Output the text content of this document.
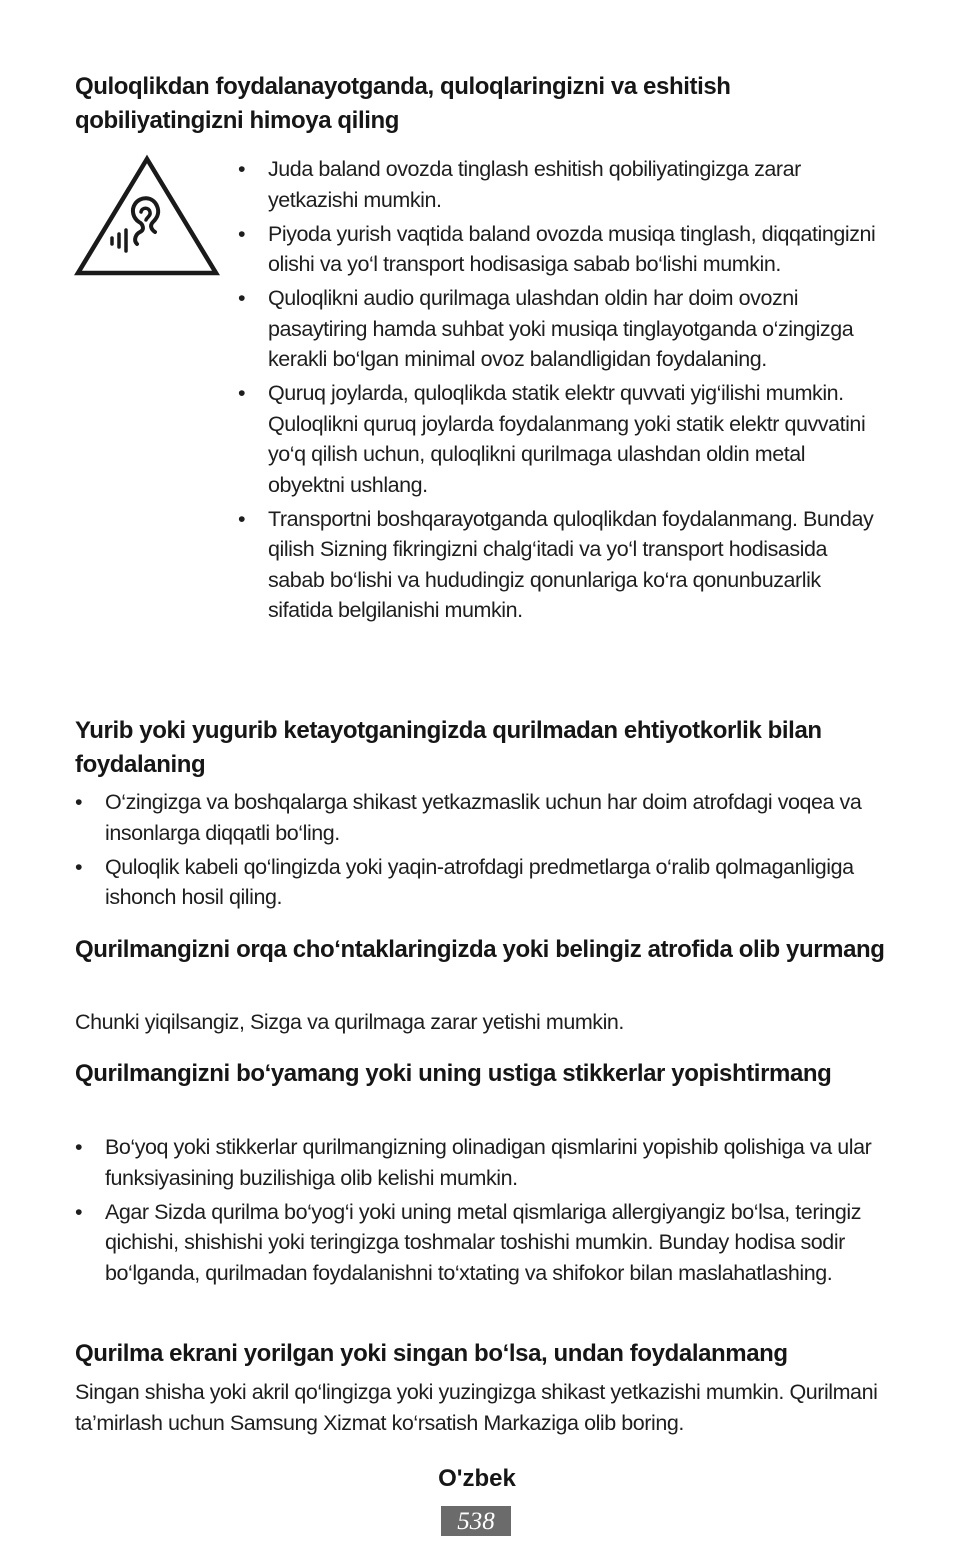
Quloqlikdan foydalanayotganda, quloqlaringizni va eshitish qobiliyatingizni himoya qiling
•	Juda baland ovozda tinglash eshitish qobiliyatingizga zarar yetkazishi mumkin.
•	Piyoda yurish vaqtida baland ovozda musiqa tinglash, diqqatingizni olishi va yo‘l transport hodisasiga sabab bo‘lishi mumkin.
•	Quloqlikni audio qurilmaga ulashdan oldin har doim ovozni pasaytiring hamda suhbat yoki musiqa tinglayotganda o‘zingizga kerakli bo‘lgan minimal ovoz balandligidan foydalaning.
•	Quruq joylarda, quloqlikda statik elektr quvvati yig‘ilishi mumkin. Quloqlikni quruq joylarda foydalanmang yoki statik elektr quvvatini yo‘q qilish uchun, quloqlikni qurilmaga ulashdan oldin metal obyektni ushlang.
•	Transportni boshqarayotganda quloqlikdan foydalanmang. Bunday qilish Sizning fikringizni chalg‘itadi va yo‘l transport hodisasida sabab bo‘lishi va hududingiz qonunlariga ko‘ra qonunbuzarlik sifatida belgilanishi mumkin.
Yurib yoki yugurib ketayotganingizda qurilmadan ehtiyotkorlik bilan foydalaning
•	O‘zingizga va boshqalarga shikast yetkazmaslik uchun har doim atrofdagi voqea va insonlarga diqqatli bo‘ling.
•	Quloqlik kabeli qo‘lingizda yoki yaqin-atrofdagi predmetlarga o‘ralib qolmaganligiga ishonch hosil qiling.
Qurilmangizni orqa cho‘ntaklaringizda yoki belingiz atrofida olib yurmang

Chunki yiqilsangiz, Sizga va qurilmaga zarar yetishi mumkin.

Qurilmangizni bo‘yamang yoki uning ustiga stikkerlar yopishtirmang
•	Bo‘yoq yoki stikkerlar qurilmangizning olinadigan qismlarini yopishib qolishiga va ular funksiyasining buzilishiga olib kelishi mumkin.
•	Agar Sizda qurilma bo‘yog‘i yoki uning metal qismlariga allergiyangiz bo‘lsa, teringiz qichishi, shishishi yoki teringizga toshmalar toshishi mumkin. Bunday hodisa sodir bo‘lganda, qurilmadan foydalanishni to‘xtating va shifokor bilan maslahatlashing.
Qurilma ekrani yorilgan yoki singan bo‘lsa, undan foydalanmang

Singan shisha yoki akril qo‘lingizga yoki yuzingizga shikast yetkazishi mumkin. Qurilmani ta’mirlash uchun Samsung Xizmat ko‘rsatish Markaziga olib boring.

O'zbek
538
